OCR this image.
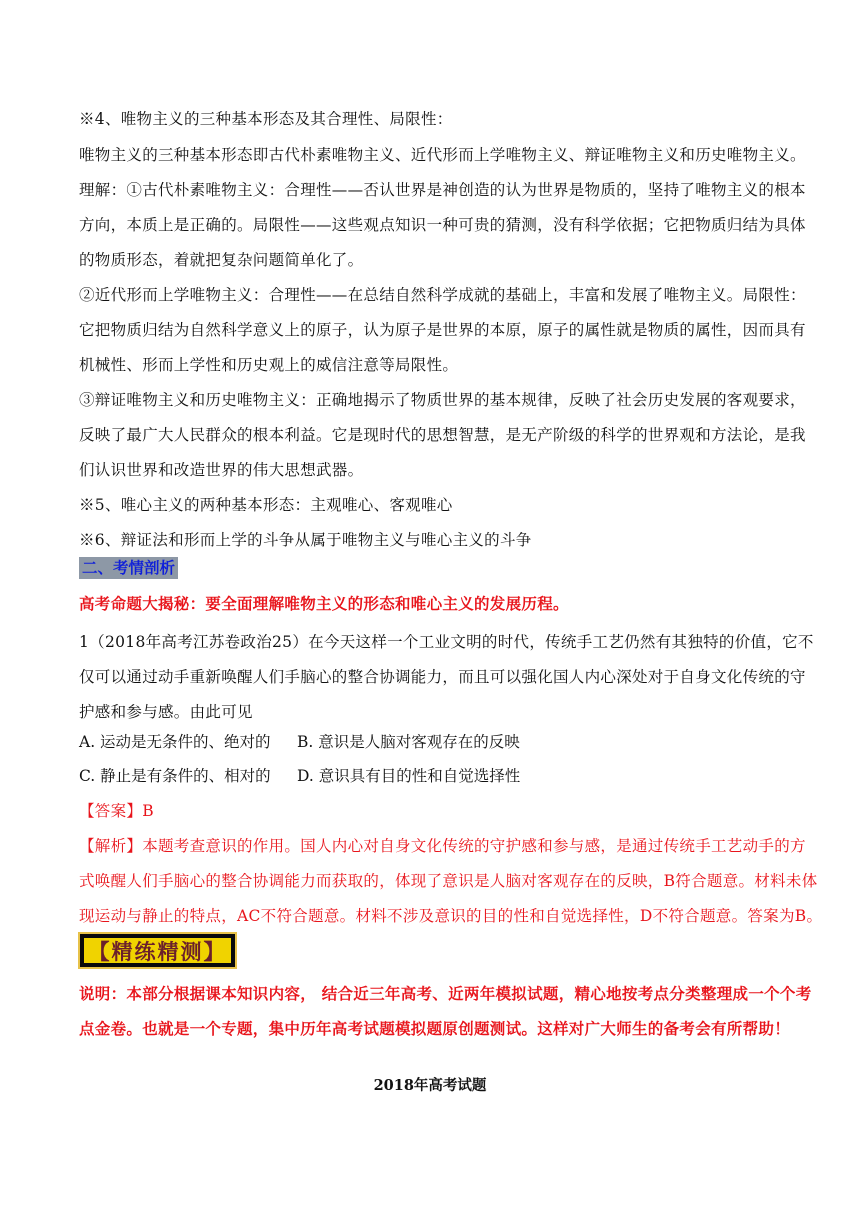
※4、唯物主义的三种基本形态及其合理性、局限性：
唯物主义的三种基本形态即古代朴素唯物主义、近代形而上学唯物主义、辩证唯物主义和历史唯物主义。
理解：①古代朴素唯物主义：合理性——否认世界是神创造的认为世界是物质的，坚持了唯物主义的根本
方向，本质上是正确的。局限性——这些观点知识一种可贵的猜测，没有科学依据；它把物质归结为具体
的物质形态，着就把复杂问题简单化了。
②近代形而上学唯物主义：合理性——在总结自然科学成就的基础上，丰富和发展了唯物主义。局限性：
它把物质归结为自然科学意义上的原子，认为原子是世界的本原，原子的属性就是物质的属性，因而具有
机械性、形而上学性和历史观上的威信注意等局限性。
③辩证唯物主义和历史唯物主义：正确地揭示了物质世界的基本规律，反映了社会历史发展的客观要求，
反映了最广大人民群众的根本利益。它是现时代的思想智慧，是无产阶级的科学的世界观和方法论，是我
们认识世界和改造世界的伟大思想武器。
※5、唯心主义的两种基本形态：主观唯心、客观唯心
※6、辩证法和形而上学的斗争从属于唯物主义与唯心主义的斗争
二、考情剖析
高考命题大揭秘：要全面理解唯物主义的形态和唯心主义的发展历程。
1（2018年高考江苏卷政治25）在今天这样一个工业文明的时代，传统手工艺仍然有其独特的价值，它不
仅可以通过动手重新唤醒人们手脑心的整合协调能力，而且可以强化国人内心深处对于自身文化传统的守
护感和参与感。由此可见
A. 运动是无条件的、绝对的 B. 意识是人脑对客观存在的反映
C. 静止是有条件的、相对的 D. 意识具有目的性和自觉选择性
【答案】B
【解析】本题考查意识的作用。国人内心对自身文化传统的守护感和参与感，是通过传统手工艺动手的方
式唤醒人们手脑心的整合协调能力而获取的，体现了意识是人脑对客观存在的反映，B符合题意。材料未体
现运动与静止的特点，AC不符合题意。材料不涉及意识的目的性和自觉选择性，D不符合题意。答案为B。
【精练精测】
说明：本部分根据课本知识内容， 结合近三年高考、近两年模拟试题，精心地按考点分类整理成一个个考
点金卷。也就是一个专题，集中历年高考试题模拟题原创题测试。这样对广大师生的备考会有所帮助！
2018年高考试题
